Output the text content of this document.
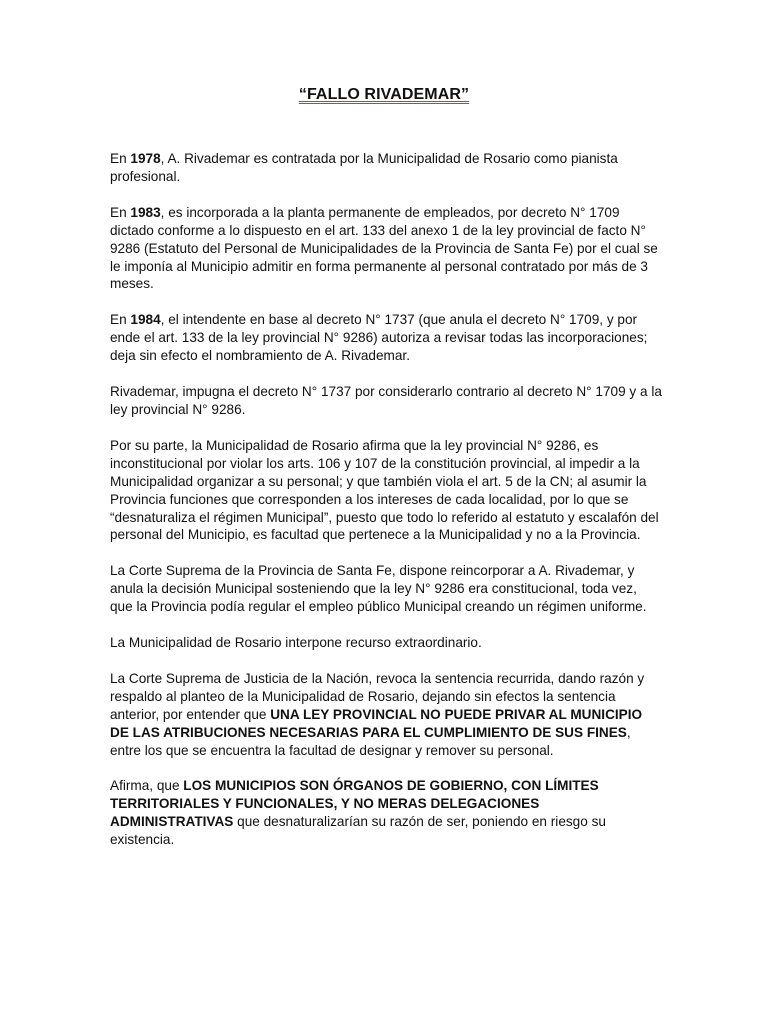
“FALLO RIVADEMAR”

En 1978, A. Rivademar es contratada por la Municipalidad de Rosario como pianista profesional.

En 1983, es incorporada a la planta permanente de empleados, por decreto N° 1709 dictado conforme a lo dispuesto en el art. 133 del anexo 1 de la ley provincial de facto N° 9286 (Estatuto del Personal de Municipalidades de la Provincia de Santa Fe) por el cual se le imponía al Municipio admitir en forma permanente al personal contratado por más de 3 meses.

En 1984, el intendente en base al decreto N° 1737 (que anula el decreto N° 1709, y por ende el art. 133 de la ley provincial N° 9286) autoriza a revisar todas las incorporaciones; deja sin efecto el nombramiento de A. Rivademar.

Rivademar, impugna el decreto N° 1737 por considerarlo contrario al decreto N° 1709 y a la ley provincial N° 9286.

Por su parte, la Municipalidad de Rosario afirma que la ley provincial N° 9286, es inconstitucional por violar los arts. 106 y 107 de la constitución provincial, al impedir a la Municipalidad organizar a su personal; y que también viola el art. 5 de la CN; al asumir la Provincia funciones que corresponden a los intereses de cada localidad, por lo que se “desnaturaliza el régimen Municipal”, puesto que todo lo referido al estatuto y escalafón del personal del Municipio, es facultad que pertenece a la Municipalidad y no a la Provincia.

La Corte Suprema de la Provincia de Santa Fe, dispone reincorporar a A. Rivademar, y anula la decisión Municipal sosteniendo que la ley N° 9286 era constitucional, toda vez, que la Provincia podía regular el empleo público Municipal creando un régimen uniforme.

La Municipalidad de Rosario interpone recurso extraordinario.

La Corte Suprema de Justicia de la Nación, revoca la sentencia recurrida, dando razón y respaldo al planteo de la Municipalidad de Rosario, dejando sin efectos la sentencia anterior, por entender que UNA LEY PROVINCIAL NO PUEDE PRIVAR AL MUNICIPIO DE LAS ATRIBUCIONES NECESARIAS PARA EL CUMPLIMIENTO DE SUS FINES, entre los que se encuentra la facultad de designar y remover su personal.

Afirma, que LOS MUNICIPIOS SON ÓRGANOS DE GOBIERNO, CON LÍMITES TERRITORIALES Y FUNCIONALES, Y NO MERAS DELEGACIONES ADMINISTRATIVAS que desnaturalizarían su razón de ser, poniendo en riesgo su existencia.
